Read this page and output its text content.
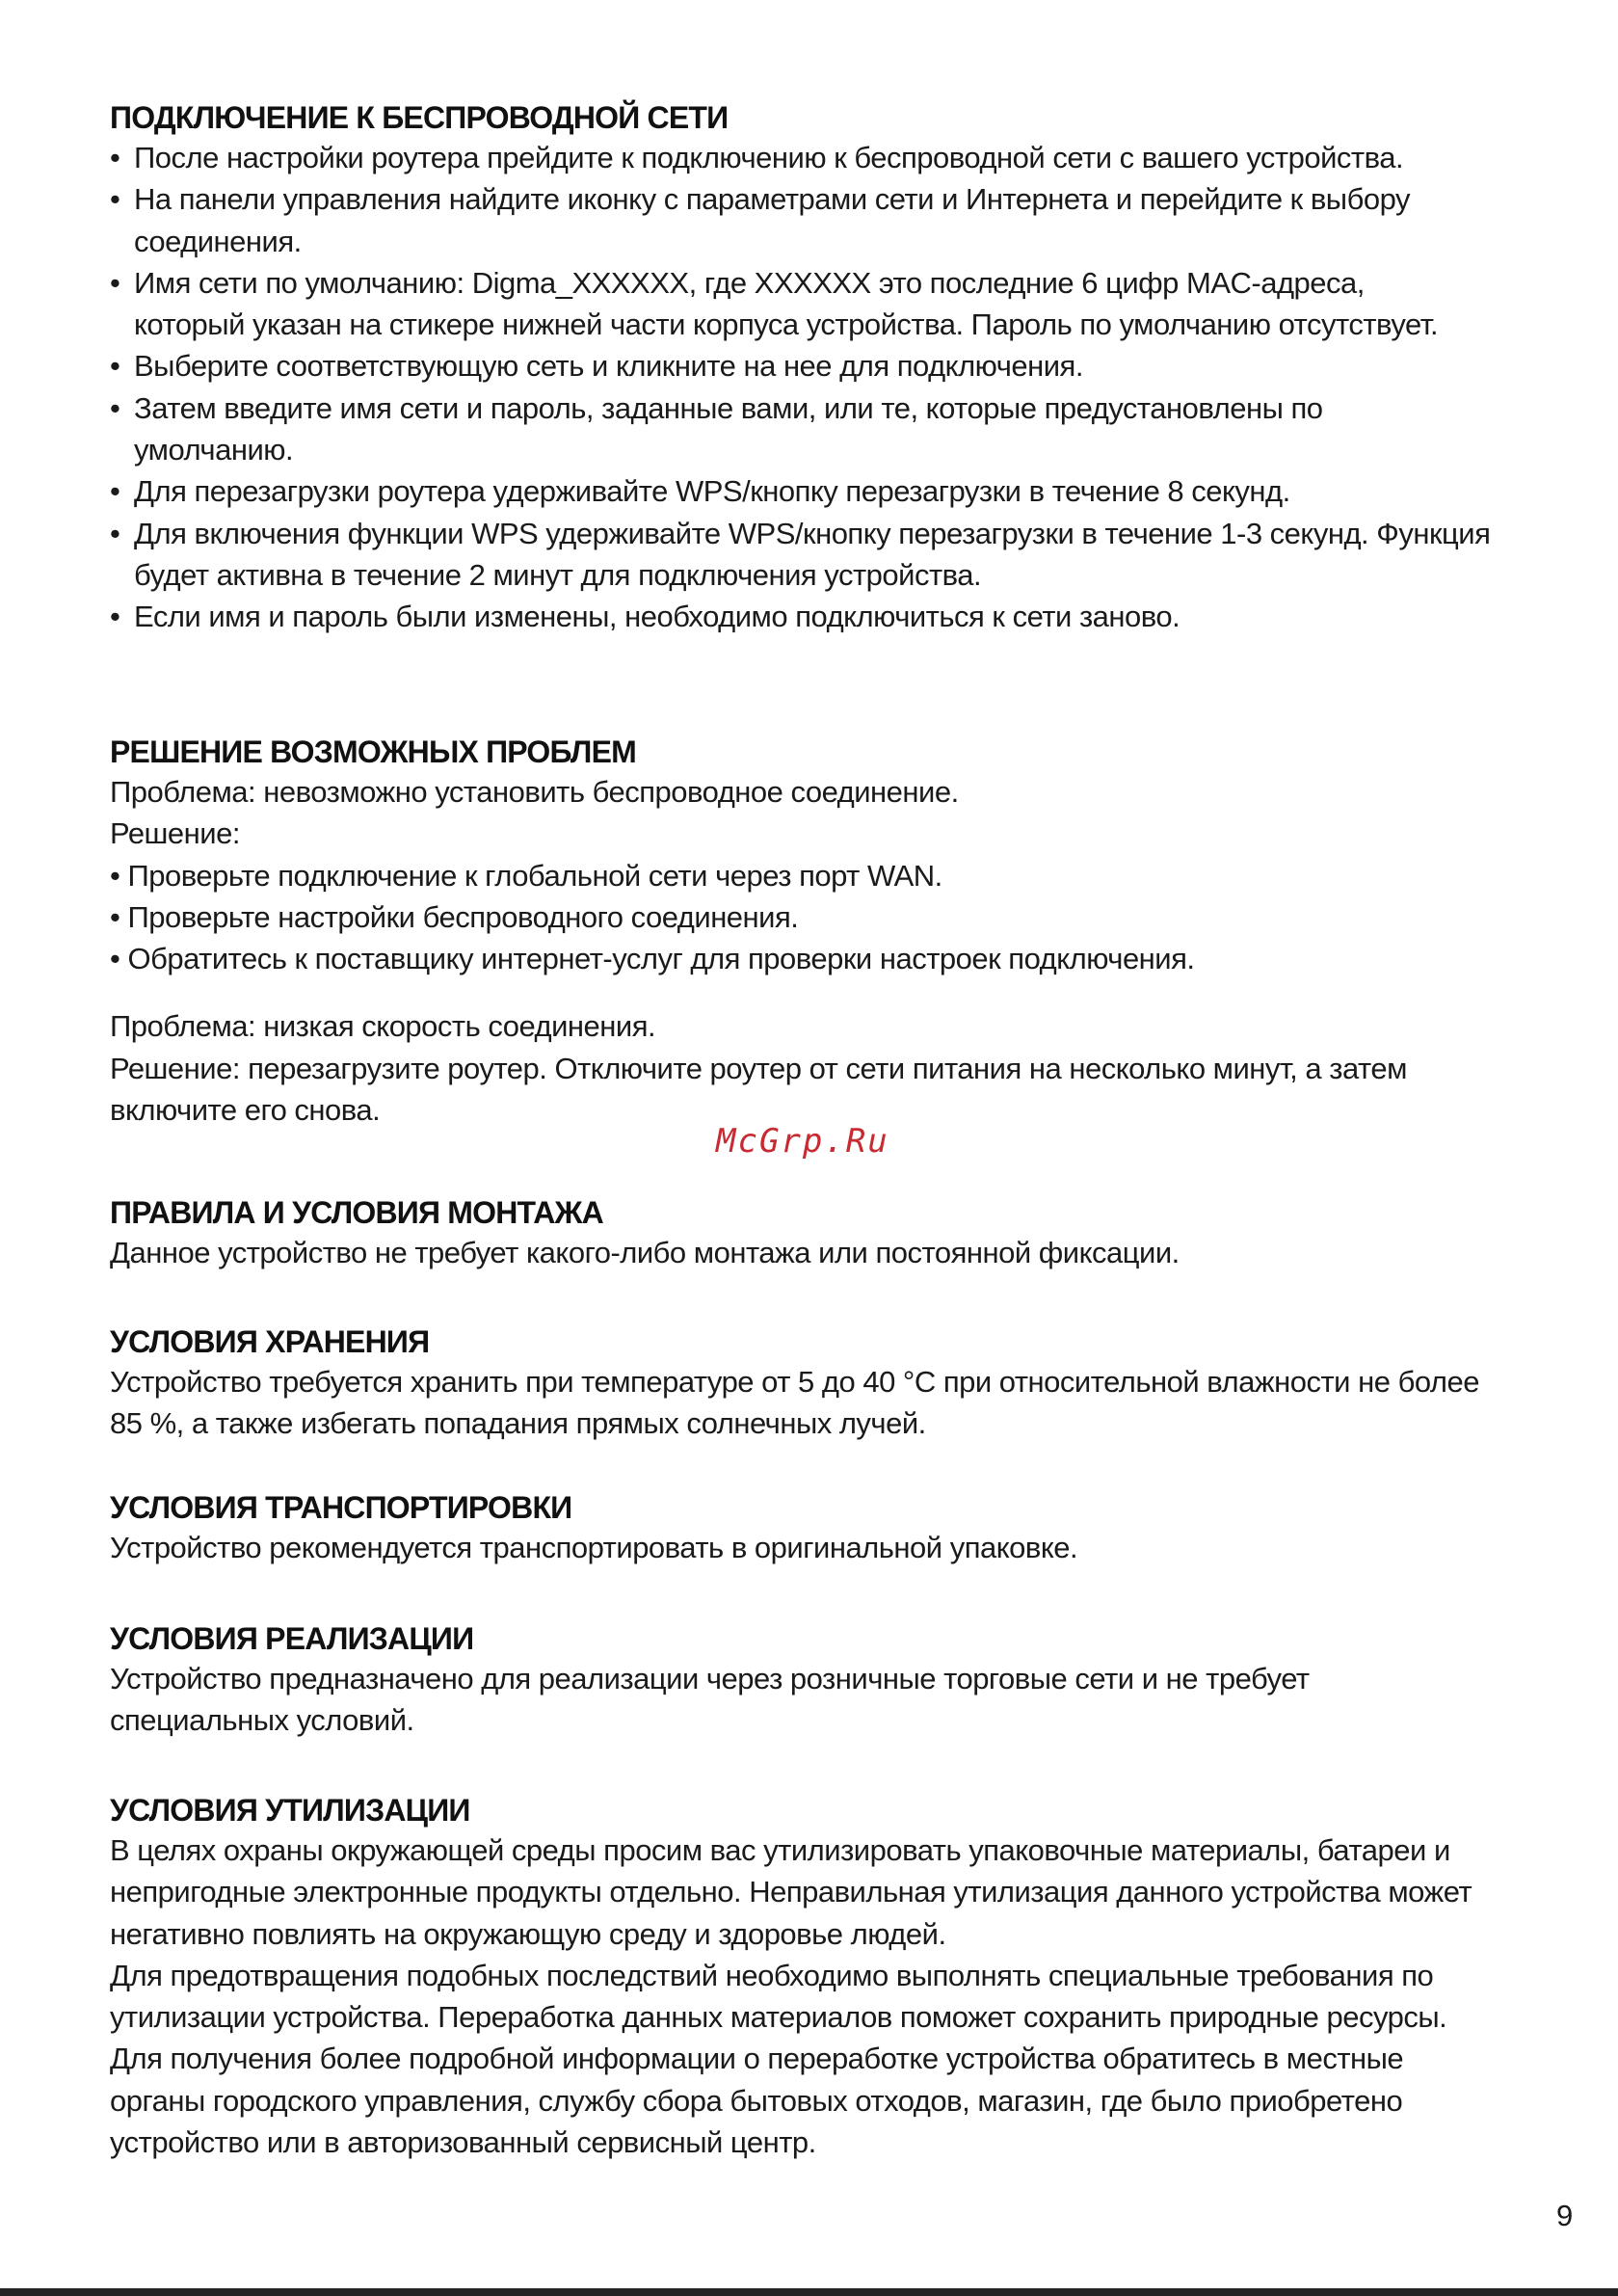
ПОДКЛЮЧЕНИЕ К БЕСПРОВОДНОЙ СЕТИ
• После настройки роутера прейдите к подключению к беспроводной сети с вашего устройства.
• На панели управления найдите иконку с параметрами сети и Интернета и перейдите к выбору соединения.
• Имя сети по умолчанию: Digma_XXXXXX, где XXXXXX это последние 6 цифр MAC-адреса, который указан на стикере нижней части корпуса устройства. Пароль по умолчанию отсутствует.
• Выберите соответствующую сеть и кликните на нее для подключения.
• Затем введите имя сети и пароль, заданные вами, или те, которые предустановлены по умолчанию.
• Для перезагрузки роутера удерживайте WPS/кнопку перезагрузки в течение 8 секунд.
• Для включения функции WPS удерживайте WPS/кнопку перезагрузки в течение 1-3 секунд. Функция будет активна в течение 2 минут для подключения устройства.
• Если имя и пароль были изменены, необходимо подключиться к сети заново.
РЕШЕНИЕ ВОЗМОЖНЫХ ПРОБЛЕМ

Проблема: невозможно установить беспроводное соединение.

Решение:

• Проверьте подключение к глобальной сети через порт WAN.
• Проверьте настройки беспроводного соединения.
• Обратитесь к поставщику интернет-услуг для проверки настроек подключения.

Проблема: низкая скорость соединения.

Решение: перезагрузите роутер. Отключите роутер от сети питания на несколько минут, а затем включите его снова.

ПРАВИЛА И УСЛОВИЯ МОНТАЖА

Данное устройство не требует какого-либо монтажа или постоянной фиксации.

УСЛОВИЯ ХРАНЕНИЯ

Устройство требуется хранить при температуре от 5 до 40 °С при относительной влажности не более 85 %, а также избегать попадания прямых солнечных лучей.

УСЛОВИЯ ТРАНСПОРТИРОВКИ

Устройство рекомендуется транспортировать в оригинальной упаковке.

УСЛОВИЯ РЕАЛИЗАЦИИ

Устройство предназначено для реализации через розничные торговые сети и не требует специальных условий.

УСЛОВИЯ УТИЛИЗАЦИИ

В целях охраны окружающей среды просим вас утилизировать упаковочные материалы, батареи и непригодные электронные продукты отдельно. Неправильная утилизация данного устройства может негативно повлиять на окружающую среду и здоровье людей.

Для предотвращения подобных последствий необходимо выполнять специальные требования по утилизации устройства. Переработка данных материалов поможет сохранить природные ресурсы. Для получения более подробной информации о переработке устройства обратитесь в местные органы городского управления, службу сбора бытовых отходов, магазин, где было приобретено устройство или в авторизованный сервисный центр.

McGrp.Ru
9
